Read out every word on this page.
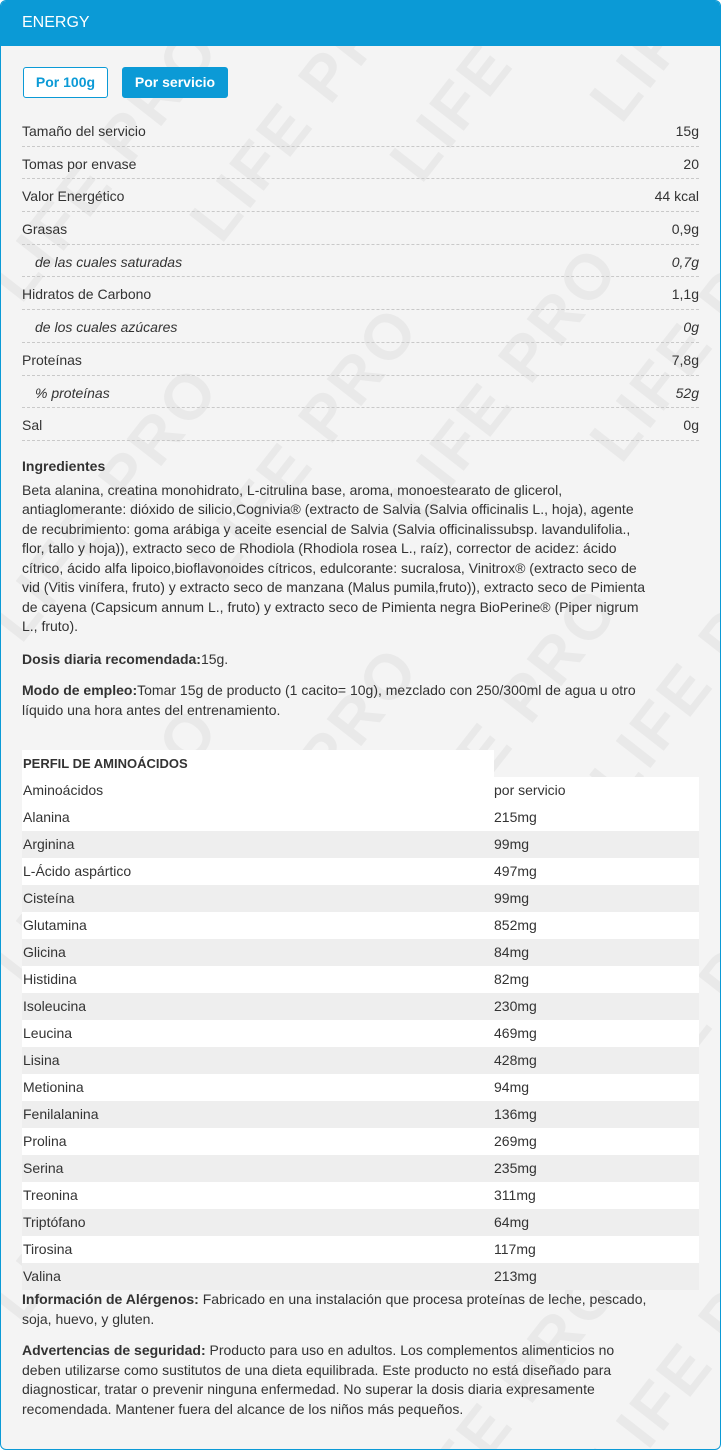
ENERGY
Por 100g	Por servicio
Tamaño del servicio	15g
Tomas por envase	20
Valor Energético	44 kcal
Grasas	0,9g
de las cuales saturadas	0,7g
Hidratos de Carbono	1,1g
de los cuales azúcares	0g
Proteínas	7,8g
% proteínas	52g
Sal	0g
Ingredientes
Beta alanina, creatina monohidrato, L-citrulina base, aroma, monoestearato de glicerol,
antiaglomerante: dióxido de silicio,Cognivia® (extracto de Salvia (Salvia officinalis L., hoja), agente
de recubrimiento: goma arábiga y aceite esencial de Salvia (Salvia officinalissubsp. lavandulifolia.,
flor, tallo y hoja)), extracto seco de Rhodiola (Rhodiola rosea L., raíz), corrector de acidez: ácido
cítrico, ácido alfa lipoico,bioflavonoides cítricos, edulcorante: sucralosa, Vinitrox® (extracto seco de
vid (Vitis vinífera, fruto) y extracto seco de manzana (Malus pumila,fruto)), extracto seco de Pimienta
de cayena (Capsicum annum L., fruto) y extracto seco de Pimienta negra BioPerine® (Piper nigrum
L., fruto).
Dosis diaria recomendada:15g.
Modo de empleo:Tomar 15g de producto (1 cacito= 10g), mezclado con 250/300ml de agua u otro
líquido una hora antes del entrenamiento.
PERFIL DE AMINOÁCIDOS
Aminoácidos	por servicio
Alanina	215mg
Arginina	99mg
L-Ácido aspártico	497mg
Cisteína	99mg
Glutamina	852mg
Glicina	84mg
Histidina	82mg
Isoleucina	230mg
Leucina	469mg
Lisina	428mg
Metionina	94mg
Fenilalanina	136mg
Prolina	269mg
Serina	235mg
Treonina	311mg
Triptófano	64mg
Tirosina	117mg
Valina	213mg
Información de Alérgenos: Fabricado en una instalación que procesa proteínas de leche, pescado,
soja, huevo, y gluten.
Advertencias de seguridad: Producto para uso en adultos. Los complementos alimenticios no
deben utilizarse como sustitutos de una dieta equilibrada. Este producto no está diseñado para
diagnosticar, tratar o prevenir ninguna enfermedad. No superar la dosis diaria expresamente
recomendada. Mantener fuera del alcance de los niños más pequeños.
